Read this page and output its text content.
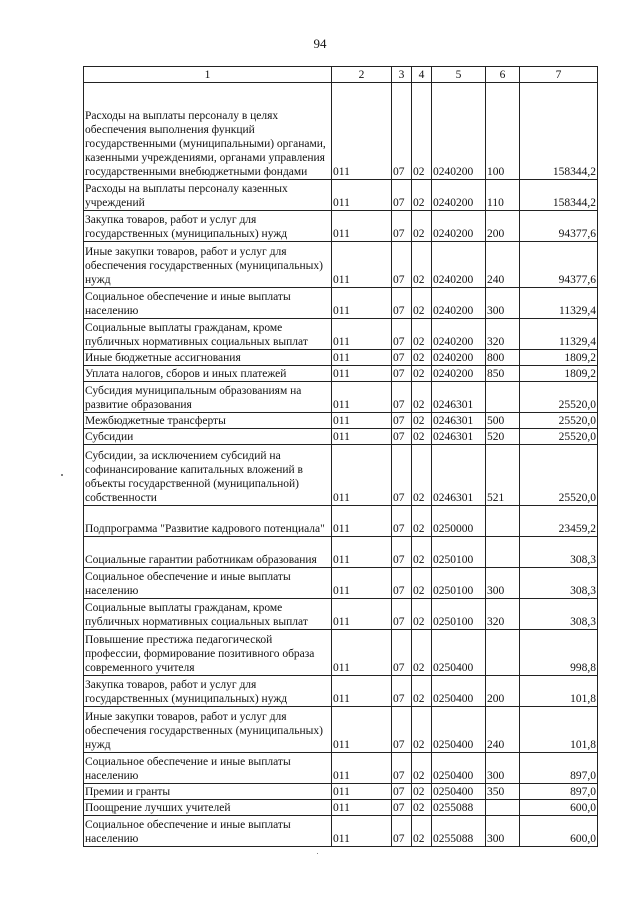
94
1	2	3	4	5	6	7
Расходы на выплаты персоналу в целях обеспечения выполнения функций государственными (муниципальными) органами, казенными учреждениями, органами управления государственными внебюджетными фондами	011	07	02	0240200	100	158344,2
Расходы на выплаты персоналу казенных учреждений	011	07	02	0240200	110	158344,2
Закупка товаров, работ и услуг для государственных (муниципальных) нужд	011	07	02	0240200	200	94377,6
Иные закупки товаров, работ и услуг для обеспечения государственных (муниципальных) нужд	011	07	02	0240200	240	94377,6
Социальное обеспечение и иные выплаты населению	011	07	02	0240200	300	11329,4
Социальные выплаты гражданам, кроме публичных нормативных социальных выплат	011	07	02	0240200	320	11329,4
Иные бюджетные ассигнования	011	07	02	0240200	800	1809,2
Уплата налогов, сборов и иных платежей	011	07	02	0240200	850	1809,2
Субсидия муниципальным образованиям на развитие образования	011	07	02	0246301		25520,0
Межбюджетные трансферты	011	07	02	0246301	500	25520,0
Субсидии	011	07	02	0246301	520	25520,0
Субсидии, за исключением субсидий на софинансирование капитальных вложений в объекты государственной (муниципальной) собственности	011	07	02	0246301	521	25520,0
Подпрограмма "Развитие кадрового потенциала"	011	07	02	0250000		23459,2
Социальные гарантии работникам образования	011	07	02	0250100		308,3
Социальное обеспечение и иные выплаты населению	011	07	02	0250100	300	308,3
Социальные выплаты гражданам, кроме публичных нормативных социальных выплат	011	07	02	0250100	320	308,3
Повышение престижа педагогической профессии, формирование позитивного образа современного учителя	011	07	02	0250400		998,8
Закупка товаров, работ и услуг для государственных (муниципальных) нужд	011	07	02	0250400	200	101,8
Иные закупки товаров, работ и услуг для обеспечения государственных (муниципальных) нужд	011	07	02	0250400	240	101,8
Социальное обеспечение и иные выплаты населению	011	07	02	0250400	300	897,0
Премии и гранты	011	07	02	0250400	350	897,0
Поощрение лучших учителей	011	07	02	0255088		600,0
Социальное обеспечение и иные выплаты населению	011	07	02	0255088	300	600,0
